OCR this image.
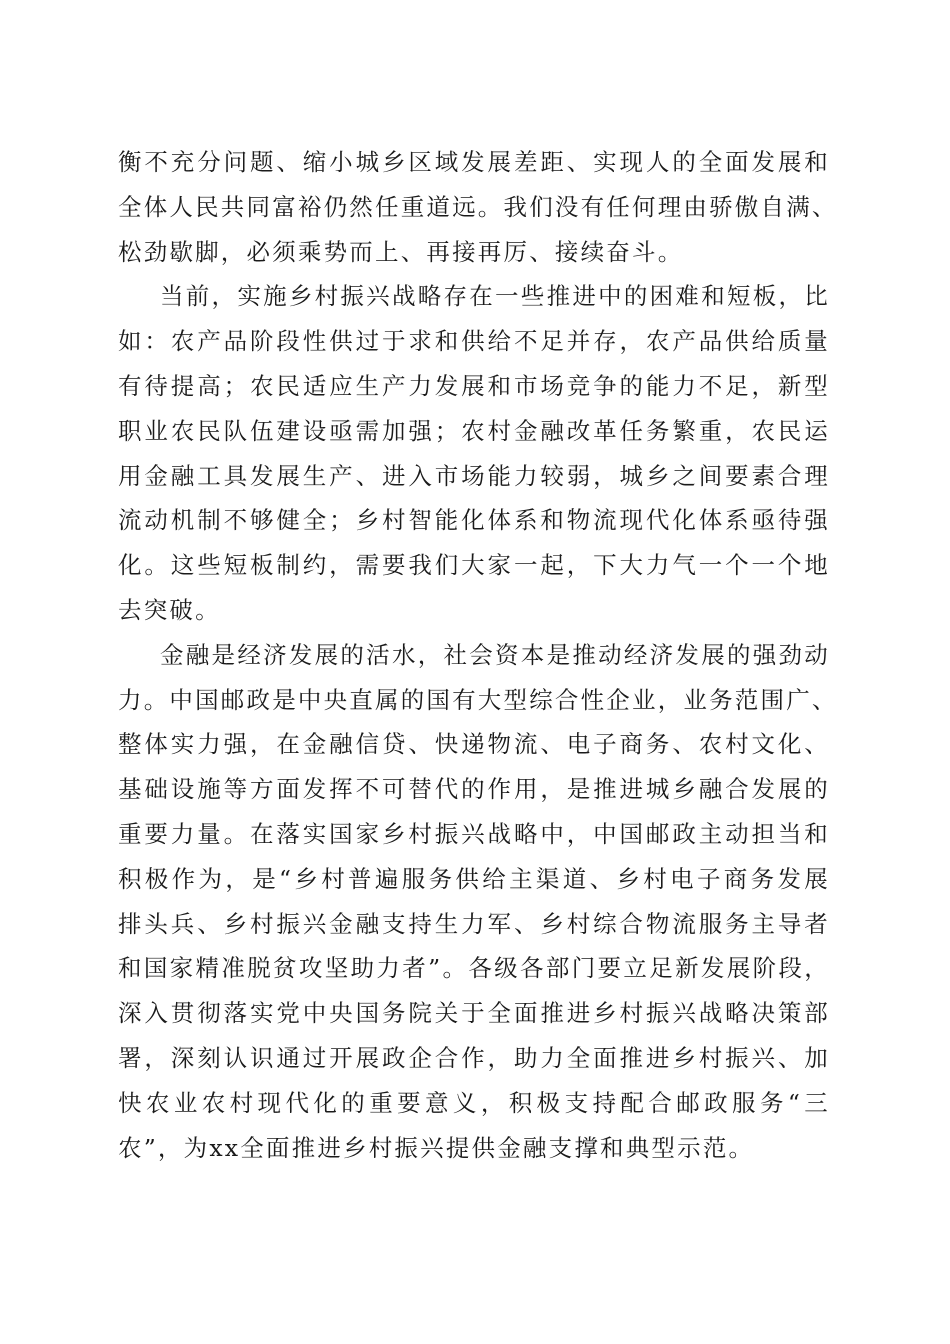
衡不充分问题、缩小城乡区域发展差距、实现人的全面发展和
全体人民共同富裕仍然任重道远。我们没有任何理由骄傲自满、
松劲歇脚，必须乘势而上、再接再厉、接续奋斗。
当前，实施乡村振兴战略存在一些推进中的困难和短板，比
如：农产品阶段性供过于求和供给不足并存，农产品供给质量
有待提高；农民适应生产力发展和市场竞争的能力不足，新型
职业农民队伍建设亟需加强；农村金融改革任务繁重，农民运
用金融工具发展生产、进入市场能力较弱，城乡之间要素合理
流动机制不够健全；乡村智能化体系和物流现代化体系亟待强
化。这些短板制约，需要我们大家一起，下大力气一个一个地
去突破。
金融是经济发展的活水，社会资本是推动经济发展的强劲动
力。中国邮政是中央直属的国有大型综合性企业，业务范围广、
整体实力强，在金融信贷、快递物流、电子商务、农村文化、
基础设施等方面发挥不可替代的作用，是推进城乡融合发展的
重要力量。在落实国家乡村振兴战略中，中国邮政主动担当和
积极作为，是“乡村普遍服务供给主渠道、乡村电子商务发展
排头兵、乡村振兴金融支持生力军、乡村综合物流服务主导者
和国家精准脱贫攻坚助力者”。各级各部门要立足新发展阶段，
深入贯彻落实党中央国务院关于全面推进乡村振兴战略决策部
署，深刻认识通过开展政企合作，助力全面推进乡村振兴、加
快农业农村现代化的重要意义，积极支持配合邮政服务“三
农”，为xx全面推进乡村振兴提供金融支撑和典型示范。
